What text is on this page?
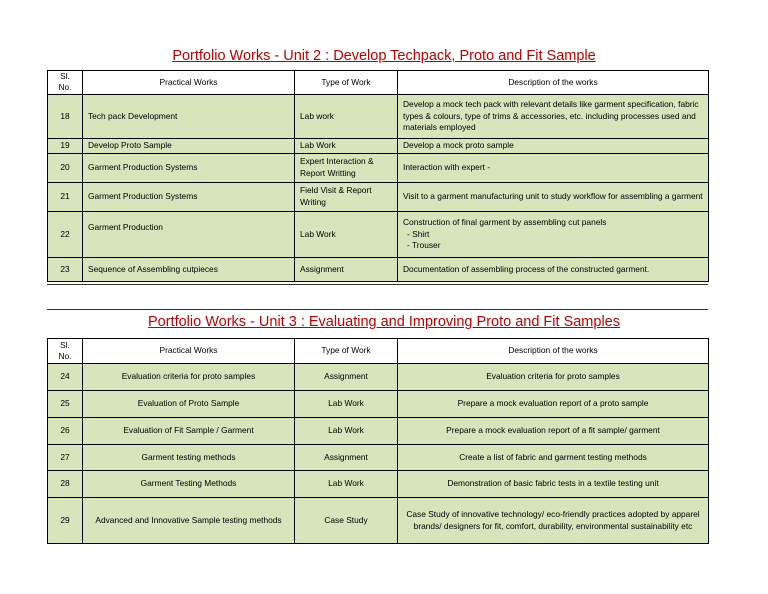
Portfolio Works - Unit 2 : Develop Techpack, Proto and Fit Sample
Sl. No.	Practical Works	Type of Work	Description of the works
18	Tech pack Development	Lab work	Develop a mock tech pack with relevant details like garment specification, fabric types & colours, type of trims & accessories, etc. including processes used and materials employed
19	Develop Proto Sample	Lab Work	Develop a mock proto sample
20	Garment Production Systems	Expert Interaction & Report Writting	Interaction with expert -
21	Garment Production Systems	Field Visit & Report Writing	Visit to a garment manufacturing unit to study workflow for assembling a garment
22	Garment Production	Lab Work	Construction of final garment by assembling cut panels
- Shirt
- Trouser

23	Sequence of Assembling cutpieces	Assignment	Documentation of assembling process of the constructed garment.
Portfolio Works - Unit 3 : Evaluating and Improving Proto and Fit Samples
Sl. No.	Practical Works	Type of Work	Description of the works
24	Evaluation criteria for proto samples	Assignment	Evaluation criteria for proto samples
25	Evaluation of Proto Sample	Lab Work	Prepare a mock evaluation report of a proto sample
26	Evaluation of Fit Sample / Garment	Lab Work	Prepare a mock evaluation report of a fit sample/ garment
27	Garment testing methods	Assignment	Create a list of fabric and garment testing methods
28	Garment Testing Methods	Lab Work	Demonstration of basic fabric tests in a textile testing unit
29	Advanced and Innovative Sample testing methods	Case Study	Case Study of innovative technology/ eco-friendly practices adopted by apparel brands/ designers for fit, comfort, durability, environmental sustainability etc
